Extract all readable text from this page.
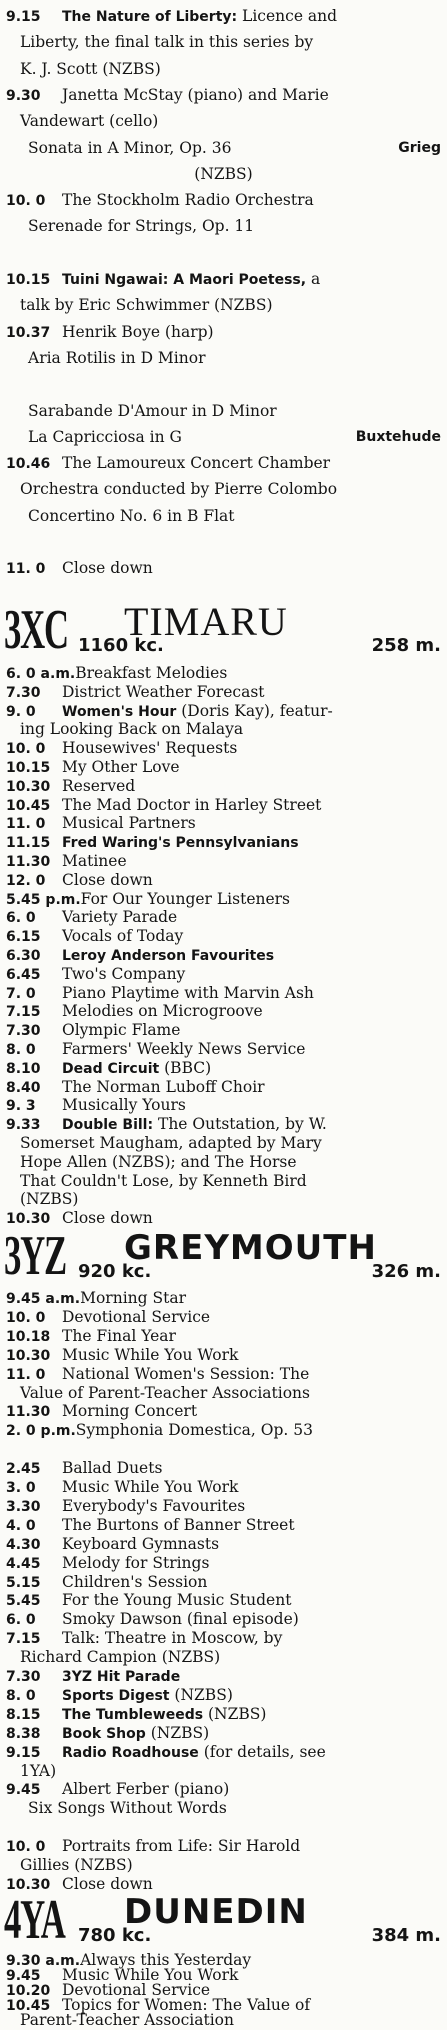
9.15 The Nature of Liberty: Licence and
Liberty, the final talk in this series by
K. J. Scott (NZBS)
9.30 Janetta McStay (piano) and Marie
Vandewart (cello)
Sonata in A Minor, Op. 36	Grieg
(NZBS)
10. 0 The Stockholm Radio Orchestra
Serenade for Strings, Op. 11
10.15 Tuini Ngawai: A Maori Poetess, a
talk by Eric Schwimmer (NZBS)
10.37 Henrik Boye (harp)
Aria Rotilis in D Minor
Sarabande D'Amour in D Minor
La Capricciosa in G	Buxtehude
10.46 The Lamoureux Concert Chamber
Orchestra conducted by Pierre Colombo
Concertino No. 6 in B Flat
11. 0 Close down
3XC TIMARU
1160 kc.	258 m.
6. 0 a.m.Breakfast Melodies
7.30 District Weather Forecast
9. 0 Women's Hour (Doris Kay), featur-
ing Looking Back on Malaya
10. 0 Housewives' Requests
10.15 My Other Love
10.30 Reserved
10.45 The Mad Doctor in Harley Street
11. 0 Musical Partners
11.15 Fred Waring's Pennsylvanians
11.30 Matinee
12. 0 Close down
5.45 p.m.For Our Younger Listeners
6. 0 Variety Parade
6.15 Vocals of Today
6.30 Leroy Anderson Favourites
6.45 Two's Company
7. 0 Piano Playtime with Marvin Ash
7.15 Melodies on Microgroove
7.30 Olympic Flame
8. 0 Farmers' Weekly News Service
8.10 Dead Circuit (BBC)
8.40 The Norman Luboff Choir
9. 3 Musically Yours
9.33 Double Bill: The Outstation, by W.
Somerset Maugham, adapted by Mary
Hope Allen (NZBS); and The Horse
That Couldn't Lose, by Kenneth Bird
(NZBS)
10.30 Close down
3YZ GREYMOUTH
920 kc.	326 m.
9.45 a.m.Morning Star
10. 0 Devotional Service
10.18 The Final Year
10.30 Music While You Work
11. 0 National Women's Session: The
Value of Parent-Teacher Associations
11.30 Morning Concert
2. 0 p.m.Symphonia Domestica, Op. 53
2.45 Ballad Duets
3. 0 Music While You Work
3.30 Everybody's Favourites
4. 0 The Burtons of Banner Street
4.30 Keyboard Gymnasts
4.45 Melody for Strings
5.15 Children's Session
5.45 For the Young Music Student
6. 0 Smoky Dawson (final episode)
7.15 Talk: Theatre in Moscow, by
Richard Campion (NZBS)
7.30 3YZ Hit Parade
8. 0 Sports Digest (NZBS)
8.15 The Tumbleweeds (NZBS)
8.38 Book Shop (NZBS)
9.15 Radio Roadhouse (for details, see
1YA)
9.45 Albert Ferber (piano)
Six Songs Without Words
10. 0 Portraits from Life: Sir Harold
Gillies (NZBS)
10.30 Close down
4YA DUNEDIN
780 kc.	384 m.
9.30 a.m.Always this Yesterday
9.45 Music While You Work
10.20 Devotional Service
10.45 Topics for Women: The Value of
Parent-Teacher Association
